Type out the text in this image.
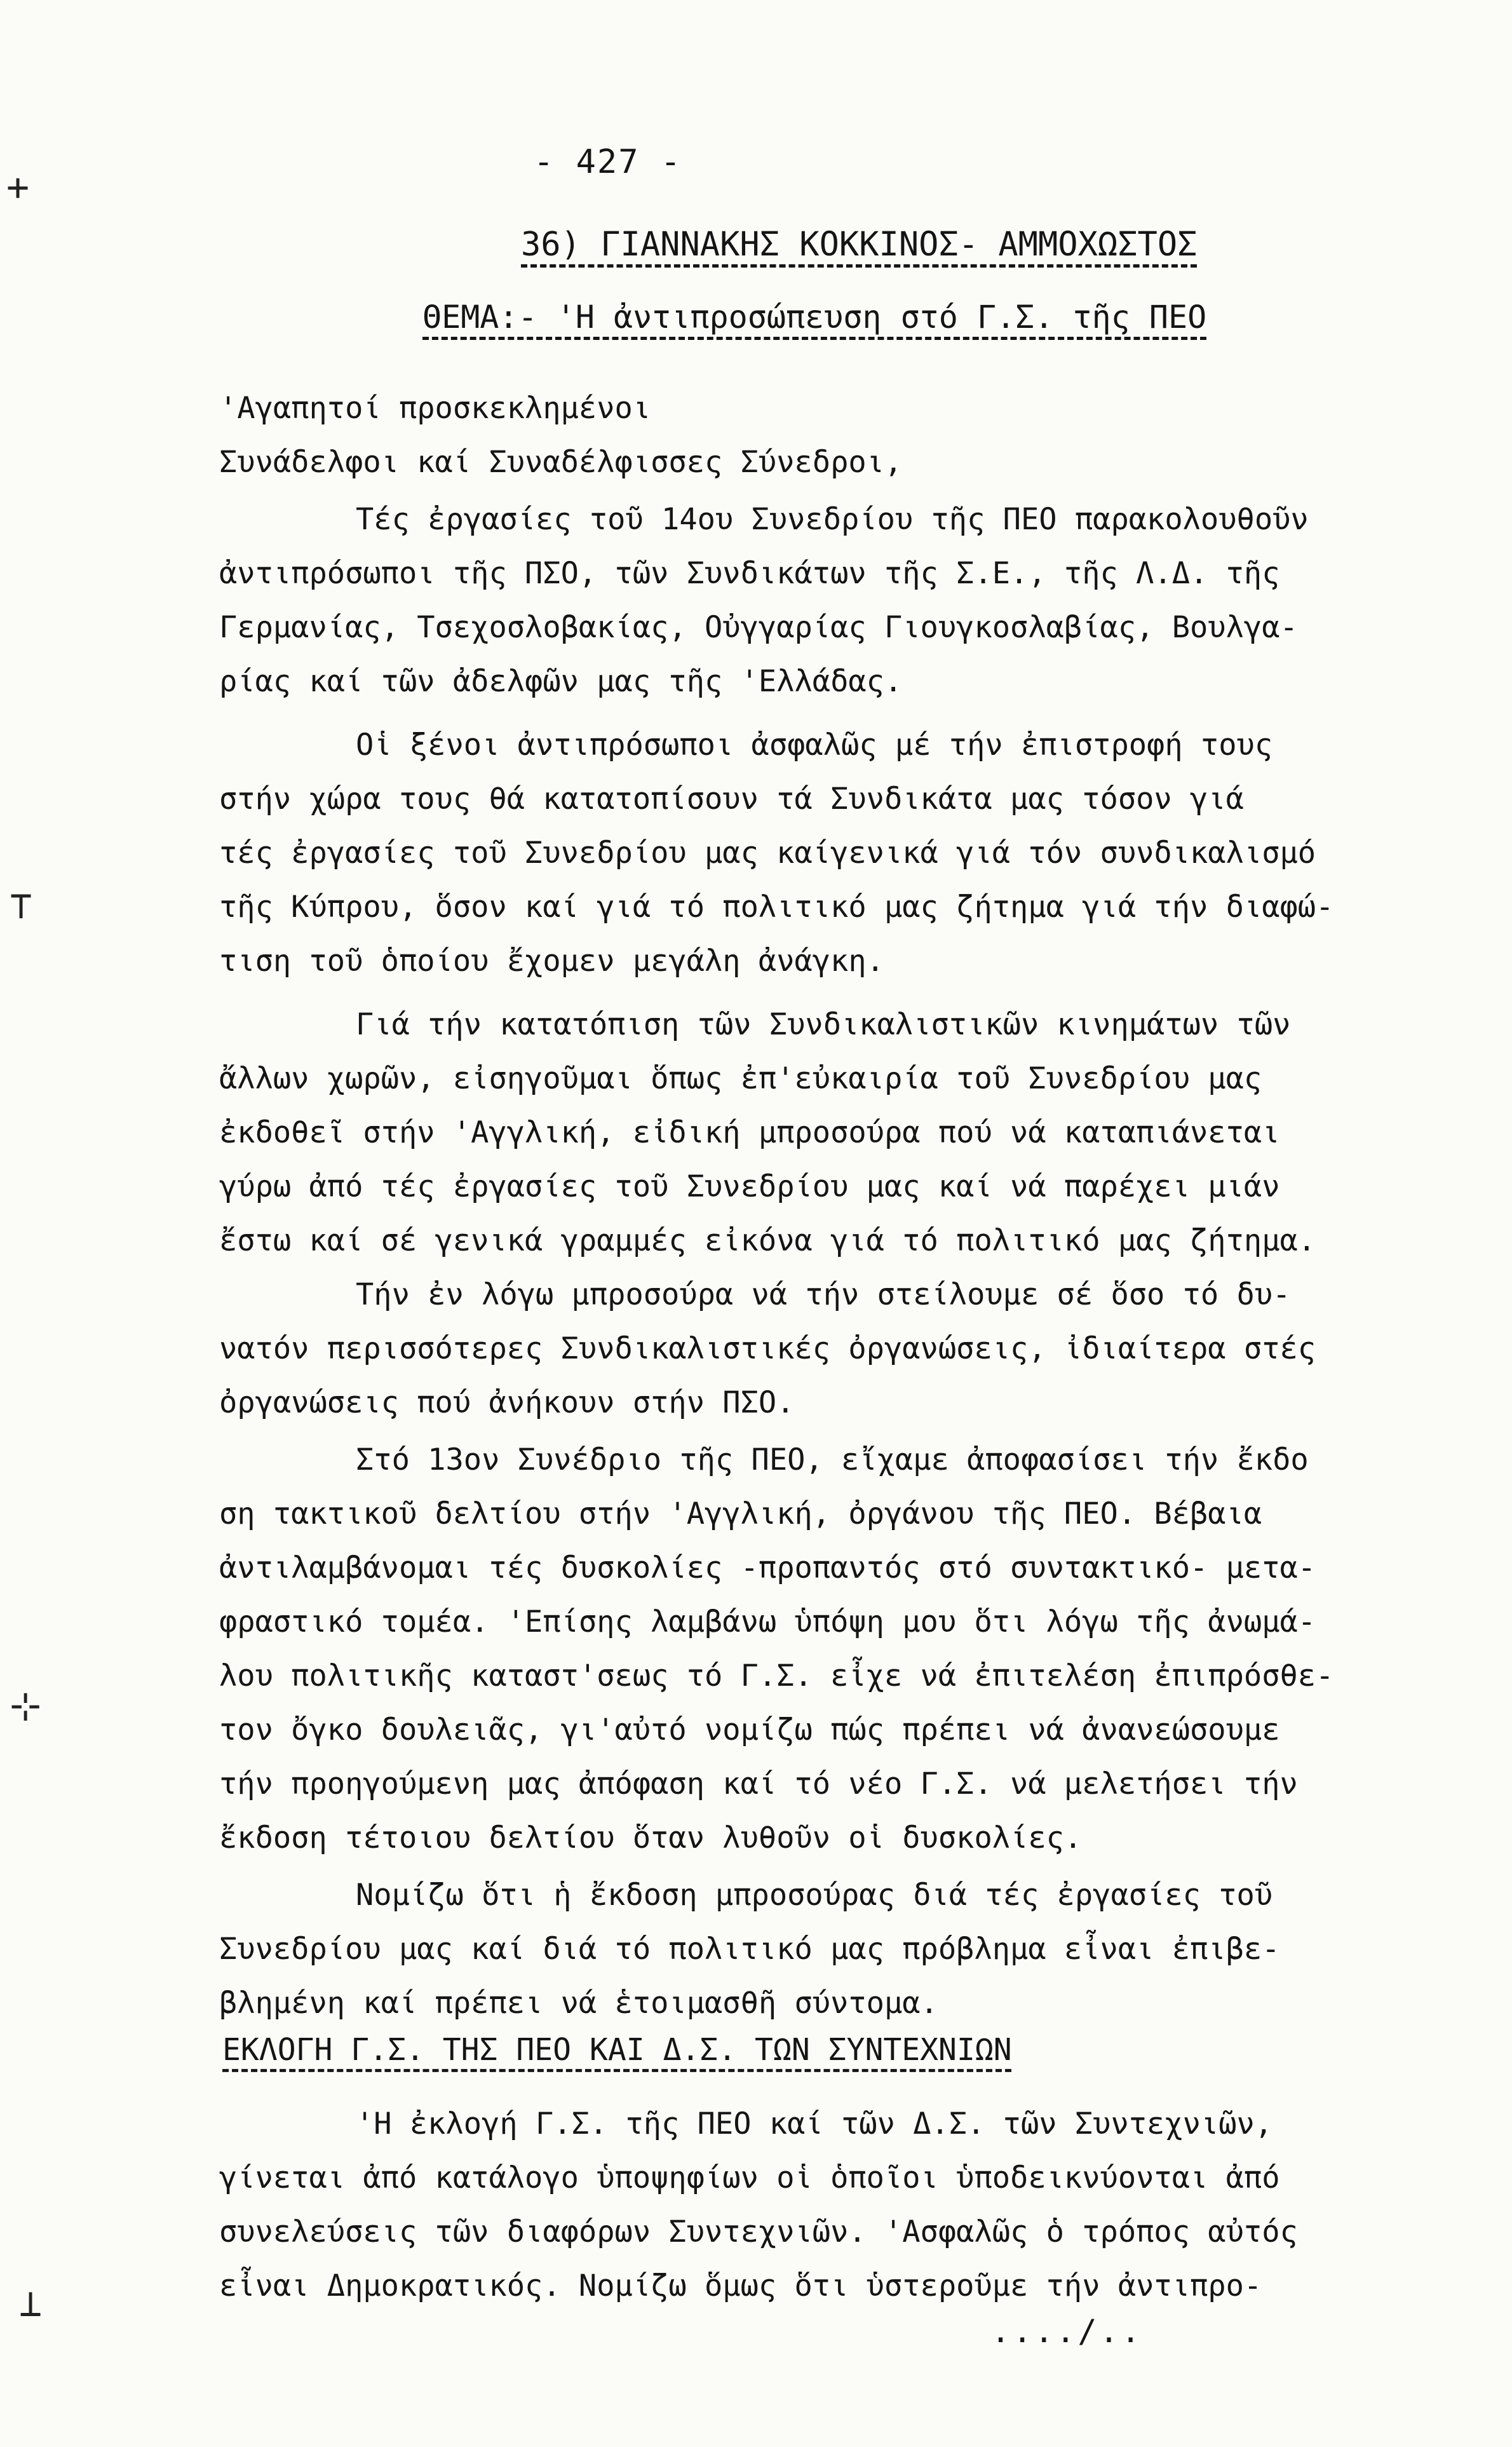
- 427 -
36) ΓΙΑΝΝΑΚΗΣ ΚΟΚΚΙΝΟΣ- ΑΜΜΟΧΩΣΤΟΣ
ΘΕΜΑ:- 'Η ἀντιπροσώπευση στό Γ.Σ. τῆς ΠΕΟ
'Αγαπητοί προσκεκλημένοι
Συνάδελφοι καί Συναδέλφισσες Σύνεδροι,
Τές ἐργασίες τοῦ 14ου Συνεδρίου τῆς ΠΕΟ παρακολουθοῦν
ἀντιπρόσωποι τῆς ΠΣΟ, τῶν Συνδικάτων τῆς Σ.Ε., τῆς Λ.Δ. τῆς
Γερμανίας, Τσεχοσλοβακίας, Οὐγγαρίας Γιουγκοσλαβίας, Βουλγα-
ρίας καί τῶν ἀδελφῶν μας τῆς 'Ελλάδας.
Οἱ ξένοι ἀντιπρόσωποι ἀσφαλῶς μέ τήν ἐπιστροφή τους
στήν χώρα τους θά κατατοπίσουν τά Συνδικάτα μας τόσον γιά
τές ἐργασίες τοῦ Συνεδρίου μας καίγενικά γιά τόν συνδικαλισμό
τῆς Κύπρου, ὅσον καί γιά τό πολιτικό μας ζήτημα γιά τήν διαφώ-
τιση τοῦ ὁποίου ἔχομεν μεγάλη ἀνάγκη.
Γιά τήν κατατόπιση τῶν Συνδικαλιστικῶν κινημάτων τῶν
ἄλλων χωρῶν, εἰσηγοῦμαι ὅπως ἐπ'εὐκαιρία τοῦ Συνεδρίου μας
ἐκδοθεῖ στήν 'Αγγλική, εἰδική μπροσούρα πού νά καταπιάνεται
γύρω ἀπό τές ἐργασίες τοῦ Συνεδρίου μας καί νά παρέχει μιάν
ἔστω καί σέ γενικά γραμμές εἰκόνα γιά τό πολιτικό μας ζήτημα.
Τήν ἐν λόγω μπροσούρα νά τήν στείλουμε σέ ὅσο τό δυ-
νατόν περισσότερες Συνδικαλιστικές ὀργανώσεις, ἰδιαίτερα στές
ὀργανώσεις πού ἀνήκουν στήν ΠΣΟ.
Στό 13ον Συνέδριο τῆς ΠΕΟ, εἴχαμε ἀποφασίσει τήν ἔκδο
ση τακτικοῦ δελτίου στήν 'Αγγλική, ὀργάνου τῆς ΠΕΟ. Βέβαια
ἀντιλαμβάνομαι τές δυσκολίες -προπαντός στό συντακτικό- μετα-
φραστικό τομέα. 'Επίσης λαμβάνω ὑπόψη μου ὅτι λόγω τῆς ἀνωμά-
λου πολιτικῆς καταστ'σεως τό Γ.Σ. εἶχε νά ἐπιτελέση ἐπιπρόσθε-
τον ὄγκο δουλειᾶς, γι'αὐτό νομίζω πώς πρέπει νά ἀνανεώσουμε
τήν προηγούμενη μας ἀπόφαση καί τό νέο Γ.Σ. νά μελετήσει τήν
ἔκδοση τέτοιου δελτίου ὅταν λυθοῦν οἱ δυσκολίες.
Νομίζω ὅτι ἡ ἔκδοση μπροσούρας διά τές ἐργασίες τοῦ
Συνεδρίου μας καί διά τό πολιτικό μας πρόβλημα εἶναι ἐπιβε-
βλημένη καί πρέπει νά ἑτοιμασθῆ σύντομα.
ΕΚΛΟΓΗ Γ.Σ. ΤΗΣ ΠΕΟ ΚΑΙ Δ.Σ. ΤΩΝ ΣΥΝΤΕΧΝΙΩΝ
'Η ἐκλογή Γ.Σ. τῆς ΠΕΟ καί τῶν Δ.Σ. τῶν Συντεχνιῶν,
γίνεται ἀπό κατάλογο ὑποψηφίων οἱ ὁποῖοι ὑποδεικνύονται ἀπό
συνελεύσεις τῶν διαφόρων Συντεχνιῶν. 'Ασφαλῶς ὁ τρόπος αὐτός
εἶναι Δημοκρατικός. Νομίζω ὅμως ὅτι ὑστεροῦμε τήν ἀντιπρο-
..../..
+
⊤
⊹
⊥
